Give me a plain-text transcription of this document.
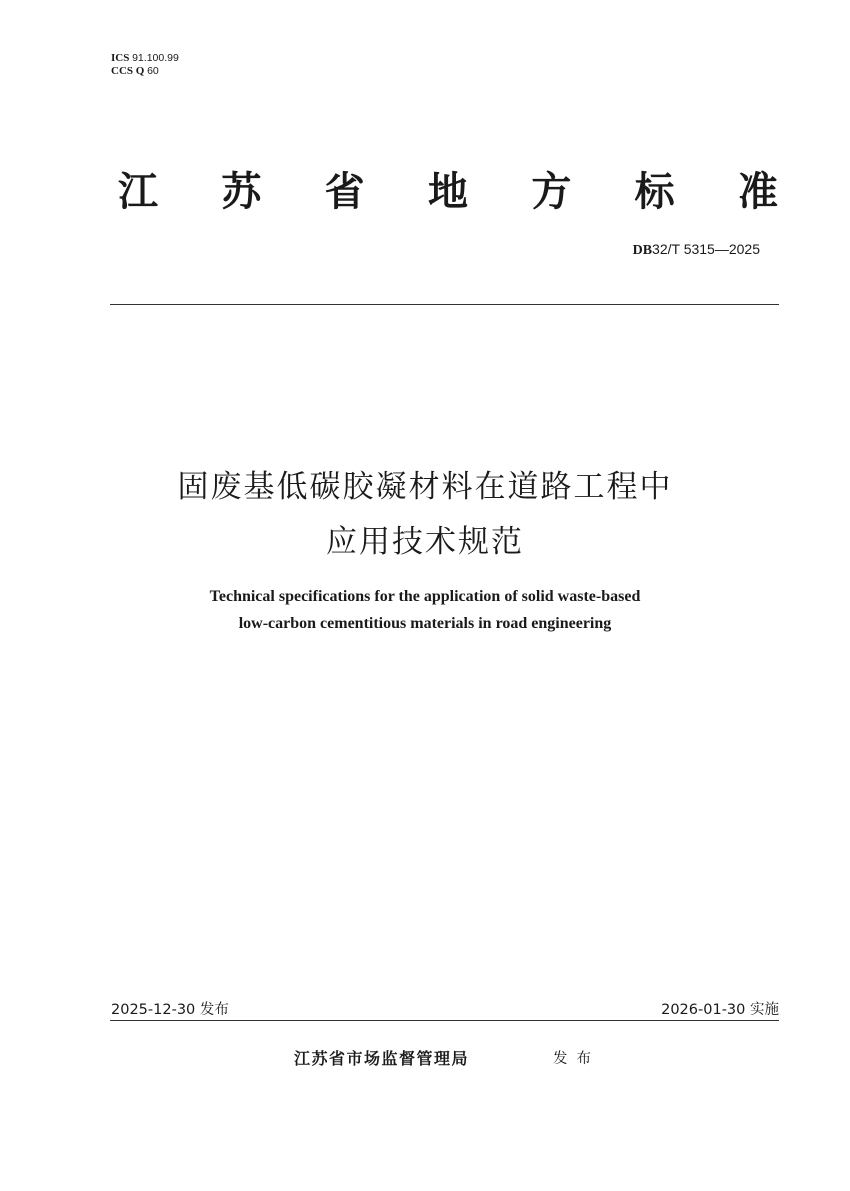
ICS 91.100.99
CCS Q 60
江 苏 省 地 方 标 准
DB32/T 5315—2025
固废基低碳胶凝材料在道路工程中
应用技术规范
Technical specifications for the application of solid waste-based
low-carbon cementitious materials in road engineering
2025-12-30 发布	2026-01-30 实施
江苏省市场监督管理局	发布
